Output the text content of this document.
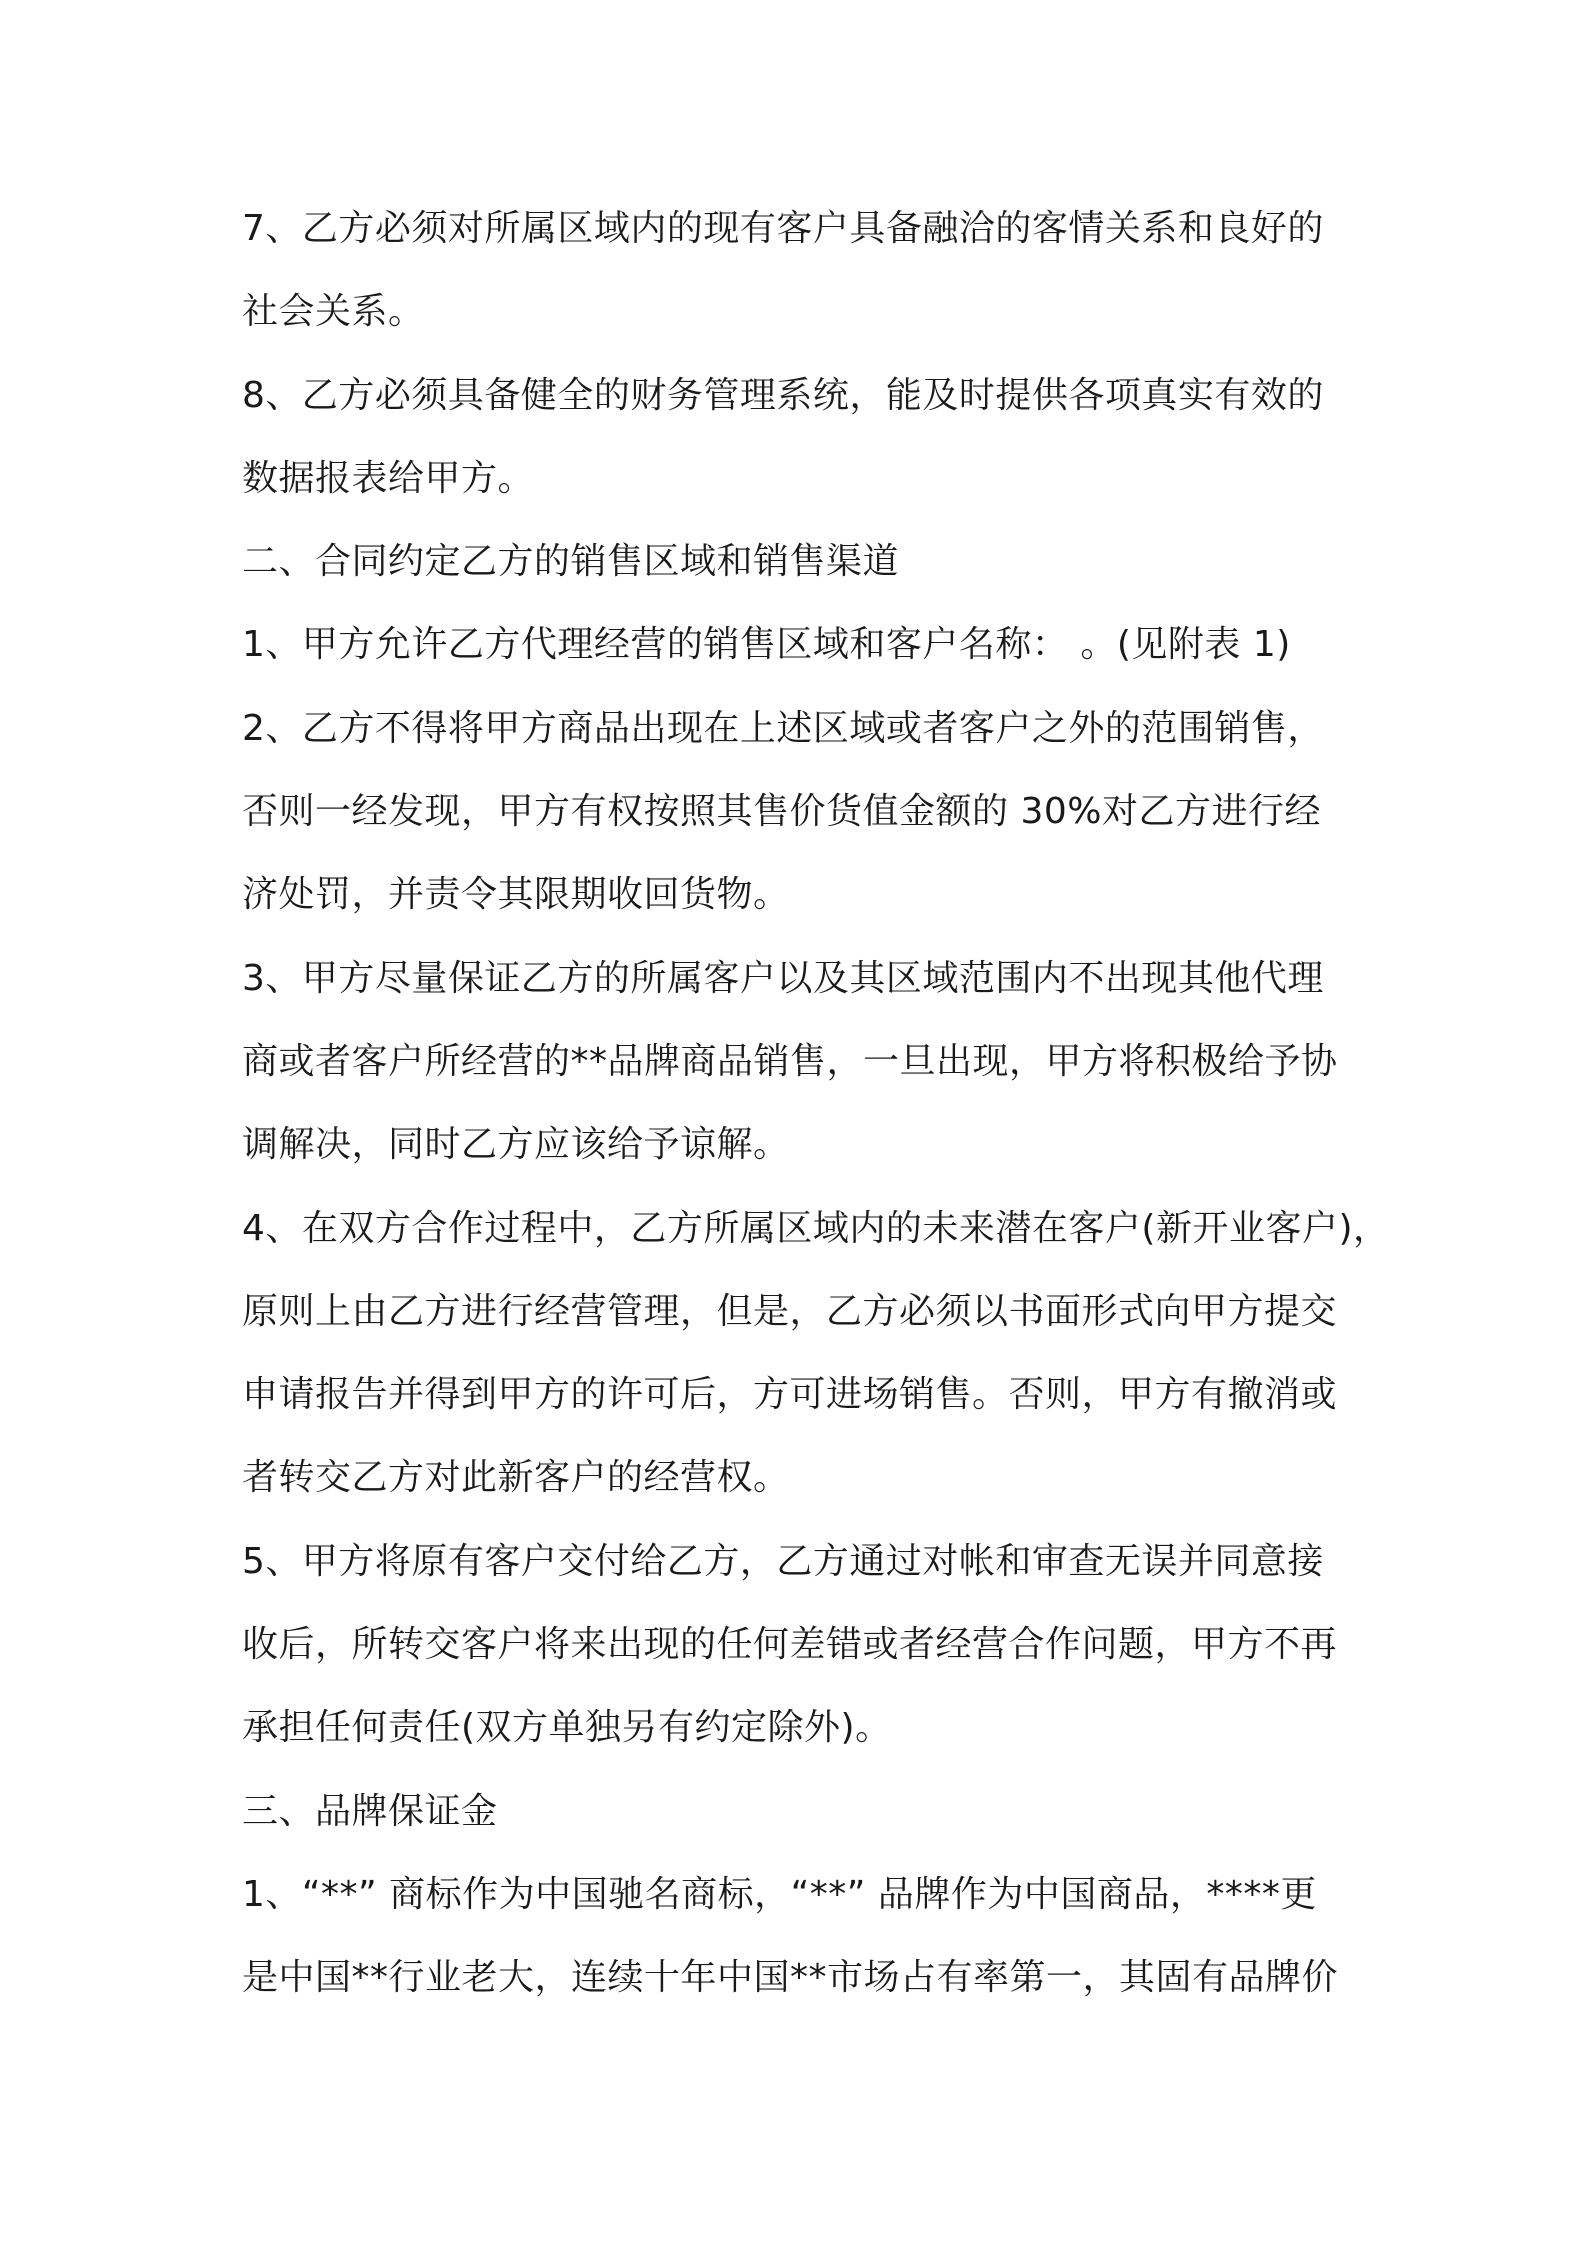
7、乙方必须对所属区域内的现有客户具备融洽的客情关系和良好的
社会关系。
8、乙方必须具备健全的财务管理系统，能及时提供各项真实有效的
数据报表给甲方。
二、合同约定乙方的销售区域和销售渠道
1、甲方允许乙方代理经营的销售区域和客户名称： 。(见附表 1)
2、乙方不得将甲方商品出现在上述区域或者客户之外的范围销售，
否则一经发现，甲方有权按照其售价货值金额的 30%对乙方进行经
济处罚，并责令其限期收回货物。
3、甲方尽量保证乙方的所属客户以及其区域范围内不出现其他代理
商或者客户所经营的**品牌商品销售，一旦出现，甲方将积极给予协
调解决，同时乙方应该给予谅解。
4、在双方合作过程中，乙方所属区域内的未来潜在客户(新开业客户)，
原则上由乙方进行经营管理，但是，乙方必须以书面形式向甲方提交
申请报告并得到甲方的许可后，方可进场销售。否则，甲方有撤消或
者转交乙方对此新客户的经营权。
5、甲方将原有客户交付给乙方，乙方通过对帐和审查无误并同意接
收后，所转交客户将来出现的任何差错或者经营合作问题，甲方不再
承担任何责任(双方单独另有约定除外)。
三、品牌保证金
1、“**” 商标作为中国驰名商标，“**” 品牌作为中国商品，****更
是中国**行业老大，连续十年中国**市场占有率第一，其固有品牌价
